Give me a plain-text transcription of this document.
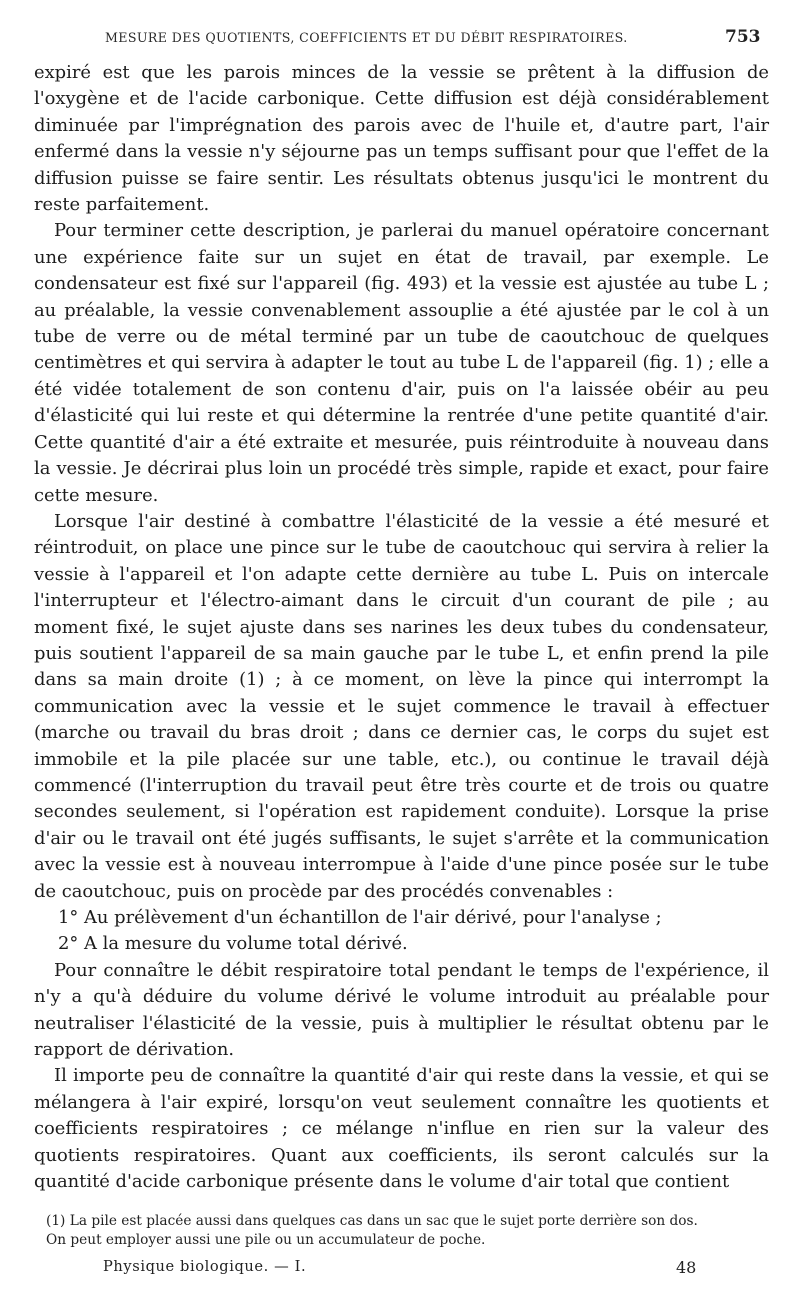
MESURE DES QUOTIENTS, COEFFICIENTS ET DU DÉBIT RESPIRATOIRES.	753

expiré est que les parois minces de la vessie se prêtent à la diffusion de l'oxygène et de l'acide carbonique. Cette diffusion est déjà considérablement diminuée par l'imprégnation des parois avec de l'huile et, d'autre part, l'air enfermé dans la vessie n'y séjourne pas un temps suffisant pour que l'effet de la diffusion puisse se faire sentir. Les résultats obtenus jusqu'ici le montrent du reste parfaitement.

Pour terminer cette description, je parlerai du manuel opératoire concernant une expérience faite sur un sujet en état de travail, par exemple. Le condensateur est fixé sur l'appareil (fig. 493) et la vessie est ajustée au tube L ; au préalable, la vessie convenablement assouplie a été ajustée par le col à un tube de verre ou de métal terminé par un tube de caoutchouc de quelques centimètres et qui servira à adapter le tout au tube L de l'appareil (fig. 1) ; elle a été vidée totalement de son contenu d'air, puis on l'a laissée obéir au peu d'élasticité qui lui reste et qui détermine la rentrée d'une petite quantité d'air. Cette quantité d'air a été extraite et mesurée, puis réintroduite à nouveau dans la vessie. Je décrirai plus loin un procédé très simple, rapide et exact, pour faire cette mesure.

Lorsque l'air destiné à combattre l'élasticité de la vessie a été mesuré et réintroduit, on place une pince sur le tube de caoutchouc qui servira à relier la vessie à l'appareil et l'on adapte cette dernière au tube L. Puis on intercale l'interrupteur et l'électro-aimant dans le circuit d'un courant de pile ; au moment fixé, le sujet ajuste dans ses narines les deux tubes du condensateur, puis soutient l'appareil de sa main gauche par le tube L, et enfin prend la pile dans sa main droite (1) ; à ce moment, on lève la pince qui interrompt la communication avec la vessie et le sujet commence le travail à effectuer (marche ou travail du bras droit ; dans ce dernier cas, le corps du sujet est immobile et la pile placée sur une table, etc.), ou continue le travail déjà commencé (l'interruption du travail peut être très courte et de trois ou quatre secondes seulement, si l'opération est rapidement conduite). Lorsque la prise d'air ou le travail ont été jugés suffisants, le sujet s'arrête et la communication avec la vessie est à nouveau interrompue à l'aide d'une pince posée sur le tube de caoutchouc, puis on procède par des procédés convenables :

1° Au prélèvement d'un échantillon de l'air dérivé, pour l'analyse ;

2° A la mesure du volume total dérivé.

Pour connaître le débit respiratoire total pendant le temps de l'expérience, il n'y a qu'à déduire du volume dérivé le volume introduit au préalable pour neutraliser l'élasticité de la vessie, puis à multiplier le résultat obtenu par le rapport de dérivation.

Il importe peu de connaître la quantité d'air qui reste dans la vessie, et qui se mélangera à l'air expiré, lorsqu'on veut seulement connaître les quotients et coefficients respiratoires ; ce mélange n'influe en rien sur la valeur des quotients respiratoires. Quant aux coefficients, ils seront calculés sur la quantité d'acide carbonique présente dans le volume d'air total que contient

(1) La pile est placée aussi dans quelques cas dans un sac que le sujet porte derrière son dos.

On peut employer aussi une pile ou un accumulateur de poche.

Physique biologique. — I.	48
